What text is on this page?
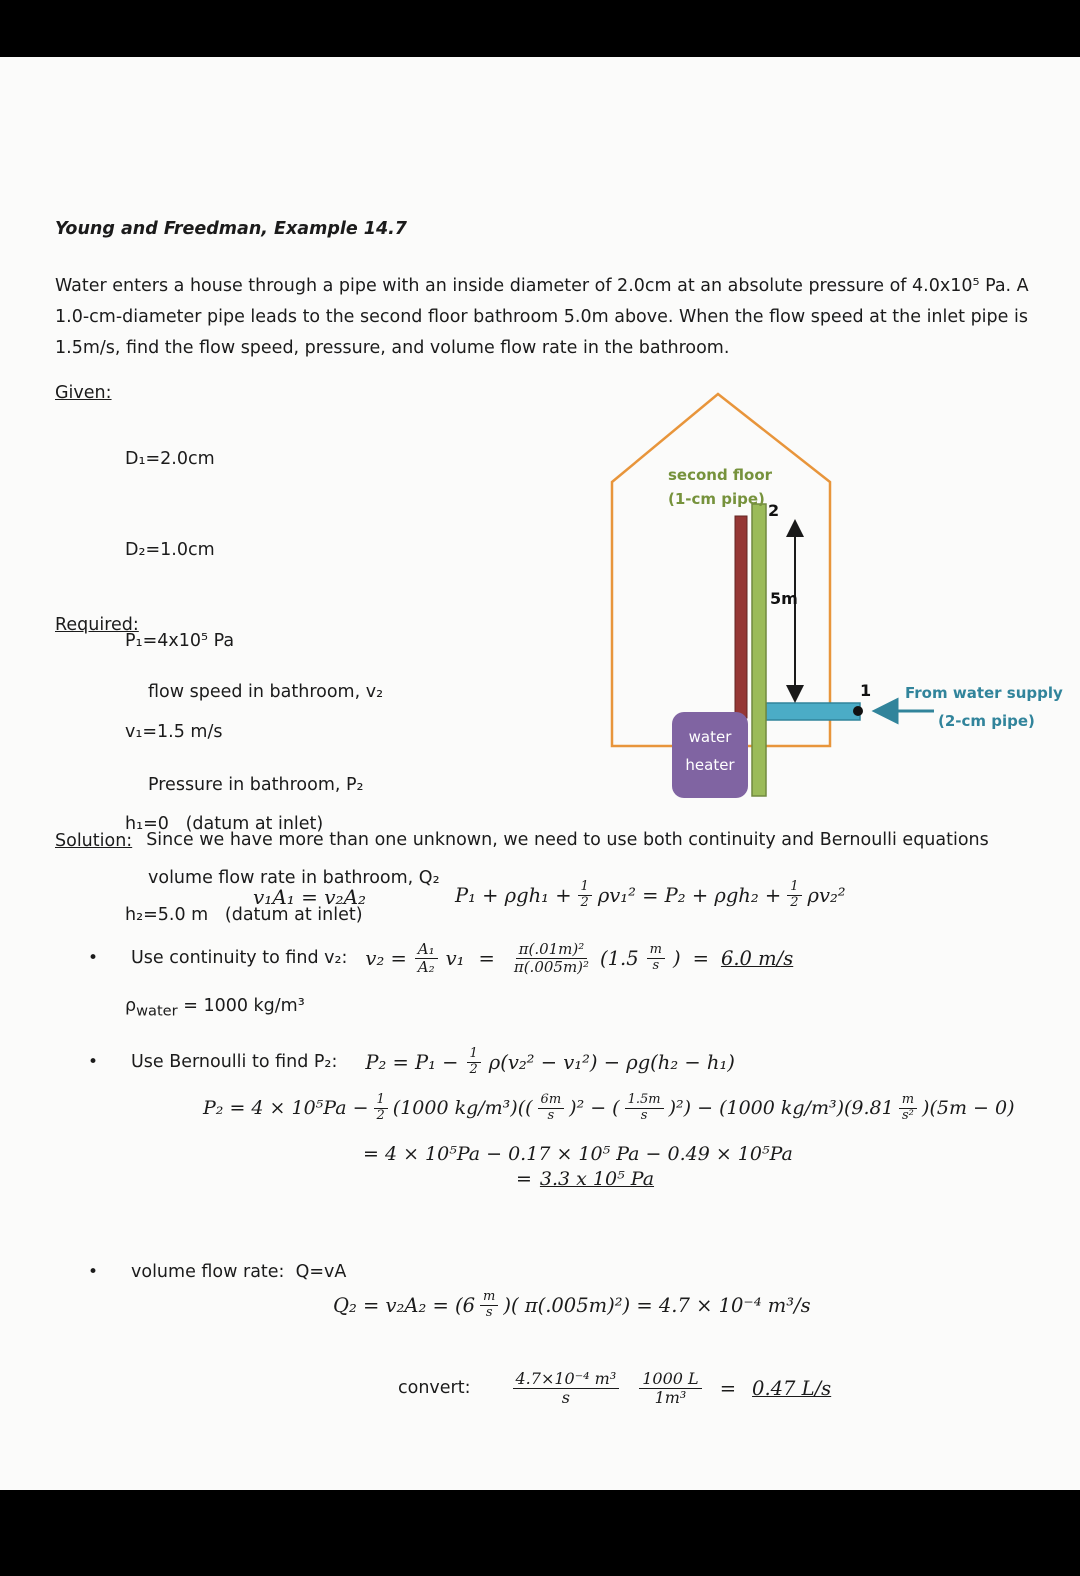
Young and Freedman, Example 14.7
Water enters a house through a pipe with an inside diameter of 2.0cm at an absolute pressure of 4.0x10⁵ Pa. A 1.0-cm-diameter pipe leads to the second floor bathroom 5.0m above. When the flow speed at the inlet pipe is 1.5m/s, find the flow speed, pressure, and volume flow rate in the bathroom.
Given:

D₁=2.0cm

D₂=1.0cm

P₁=4x10⁵ Pa

v₁=1.5 m/s

h₁=0   (datum at inlet)

h₂=5.0 m   (datum at inlet)

$\rho_{water} = 1000$ kg/m³

Required:

flow speed in bathroom, v₂

Pressure in bathroom, P₂

volume flow rate in bathroom, Q₂

Solution: Since we have more than one unknown, we need to use both continuity and Bernoulli equations
v₁A₁ = v₂A₂	$P_1 + \rho gh_1 + \frac{1}{2} \rho v_1^2 = P_2 + \rho gh_2 + \frac{1}{2} \rho v_2^2$
•
Use continuity to find v₂: $v_2 = \frac{\text{A₁}}{\text{A₂}} v_1 = \frac{\text{π(.01m)²}}{\text{π(.005m)²}} (1.5 \frac{m}{s}$ ) = 6.0 m/s
•
Use Bernoulli to find P₂: $P_2 = P_1 - \frac{1}{2} \rho(v_2^2 - v_1^2) - \rho g(h_2 - h_1)$
$P_2 = 4 \times 10^5Pa - \frac{1}{2} (1000$ $kg/m^3)(( \frac{6m}{s} )^2$ − ( $\frac{1.5m}{s} )^2) - (1000$ $kg/m^3)(9.81 \frac{m}{\text{s²}} )(5m - 0)$
= 4 × 10⁵Pa − 0.17 × 10⁵ Pa − 0.49 × 10⁵Pa
= 3.3 x 10⁵ Pa
•
volume flow rate:  Q=vA
$Q_2 = v_2A_2 = (6 \frac{m}{s}$ )( π(.005m)²) = 4.7 × 10⁻⁴ m³/s
convert:	$\frac{\text{4.7×10⁻⁴ m³}}{s} \frac{1000 L}{\text{1m³}} = 0.47$ L/s
second floor
(1-cm pipe)
2
5m
water
heater
1 From water supply
(2-cm pipe)
